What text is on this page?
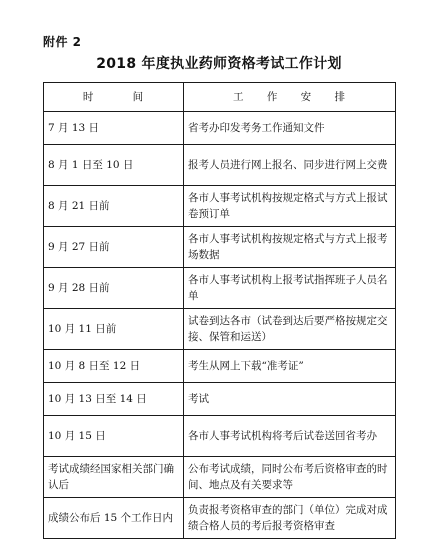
附件 2
2018 年度执业药师资格考试工作计划
时 间	工 作 安 排
7 月 13 日	省考办印发考务工作通知文件
8 月 1 日至 10 日	报考人员进行网上报名、同步进行网上交费
8 月 21 日前	各市人事考试机构按规定格式与方式上报试卷预订单
9 月 27 日前	各市人事考试机构按规定格式与方式上报考场数据
9 月 28 日前	各市人事考试机构上报考试指挥班子人员名单
10 月 11 日前	试卷到达各市（试卷到达后要严格按规定交接、保管和运送）
10 月 8 日至 12 日	考生从网上下载“准考证”
10 月 13 日至 14 日	考试
10 月 15 日	各市人事考试机构将考后试卷送回省考办
考试成绩经国家相关部门确认后	公布考试成绩，同时公布考后资格审查的时间、地点及有关要求等
成绩公布后 15 个工作日内	负责报考资格审查的部门（单位）完成对成绩合格人员的考后报考资格审查
